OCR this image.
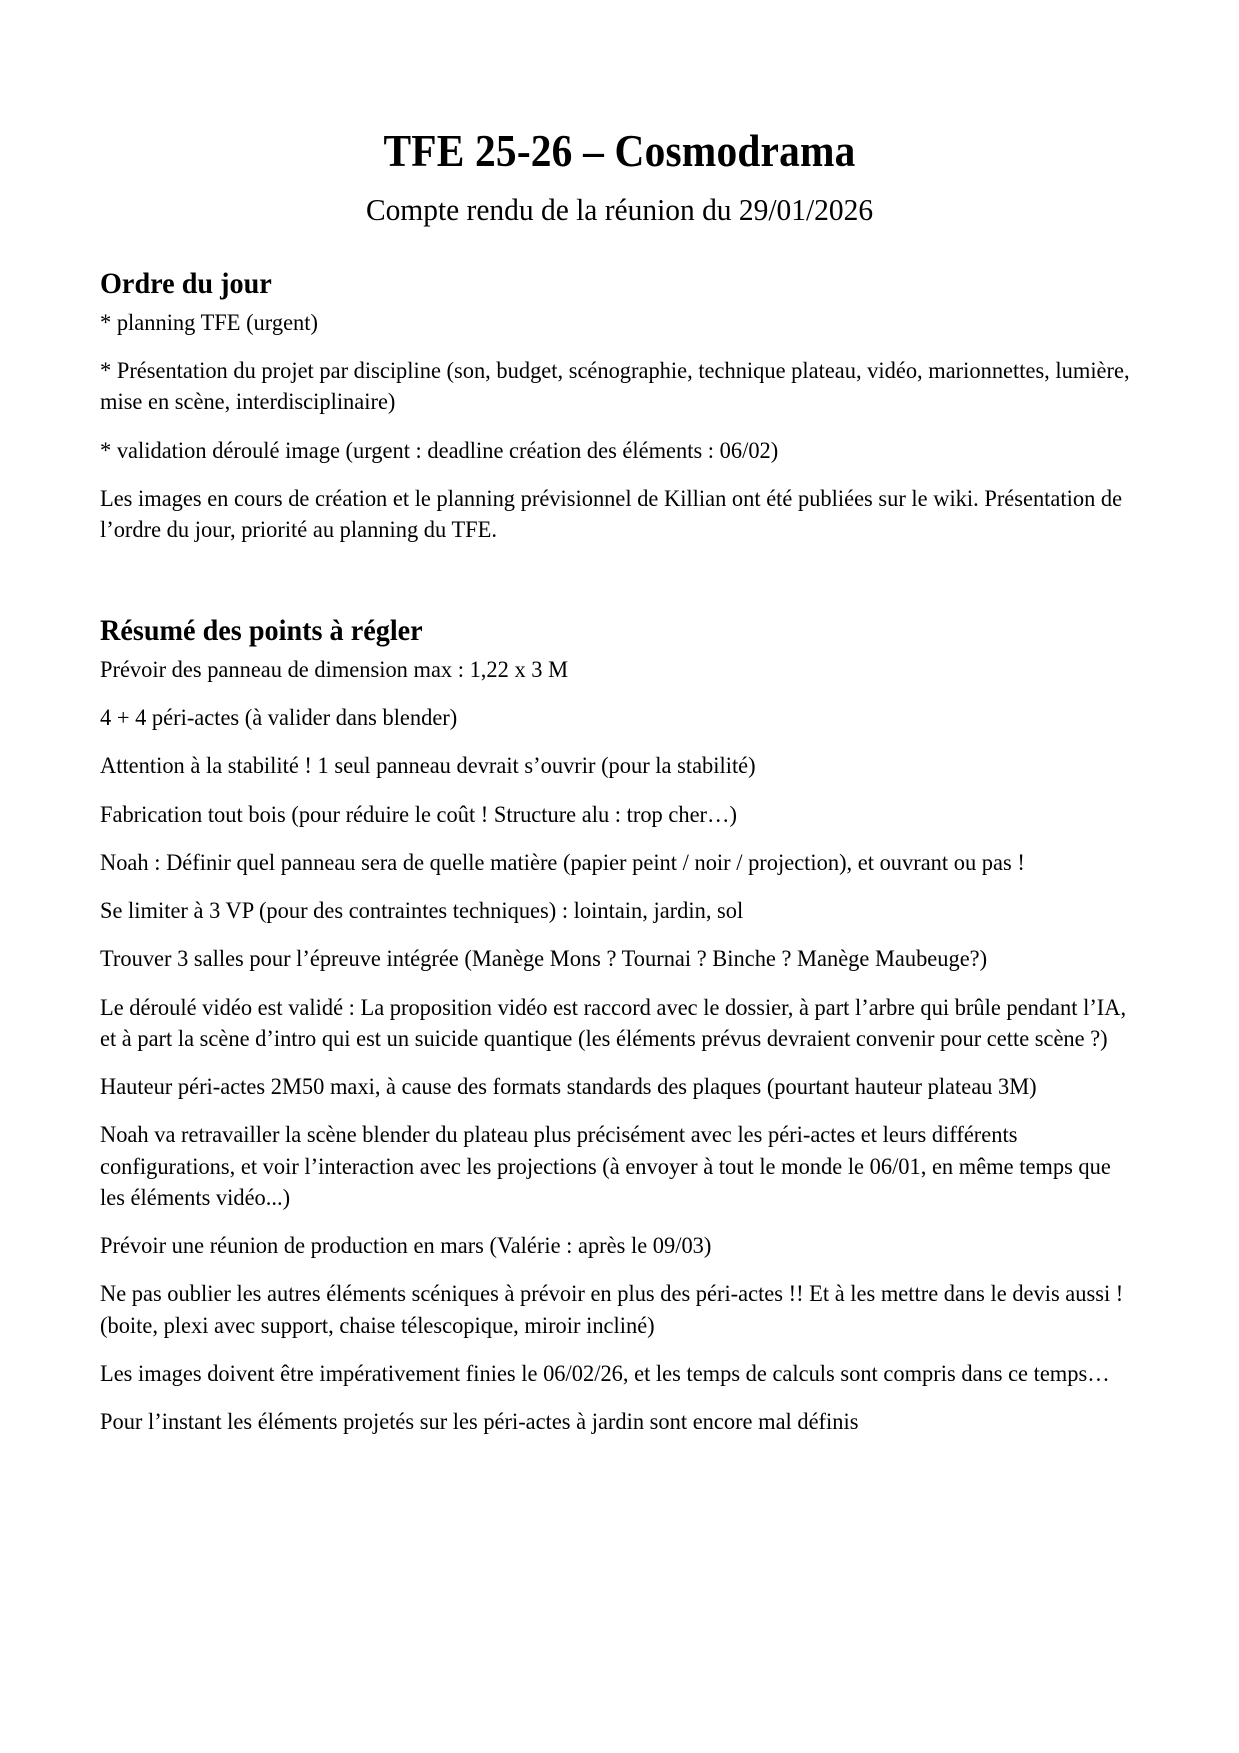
TFE 25-26 – Cosmodrama

Compte rendu de la réunion du 29/01/2026

Ordre du jour
* planning TFE (urgent)
* Présentation du projet par discipline (son, budget, scénographie, technique plateau, vidéo, marionnettes, lumière, mise en scène, interdisciplinaire)
* validation déroulé image (urgent : deadline création des éléments : 06/02)

Les images en cours de création et le planning prévisionnel de Killian ont été publiées sur le wiki. Présentation de l’ordre du jour, priorité au planning du TFE.

Résumé des points à régler
Prévoir des panneau de dimension max : 1,22 x 3 M
4 + 4 péri-actes (à valider dans blender)
Attention à la stabilité ! 1 seul panneau devrait s’ouvrir (pour la stabilité)
Fabrication tout bois (pour réduire le coût ! Structure alu : trop cher…)
Noah : Définir quel panneau sera de quelle matière (papier peint / noir / projection), et ouvrant ou pas !
Se limiter à 3 VP (pour des contraintes techniques) : lointain, jardin, sol
Trouver 3 salles pour l’épreuve intégrée (Manège Mons ? Tournai ? Binche ? Manège Maubeuge?)
Le déroulé vidéo est validé : La proposition vidéo est raccord avec le dossier, à part l’arbre qui brûle pendant l’IA, et à part la scène d’intro qui est un suicide quantique (les éléments prévus devraient convenir pour cette scène ?)
Hauteur péri-actes 2M50 maxi, à cause des formats standards des plaques (pourtant hauteur plateau 3M)
Noah va retravailler la scène blender du plateau plus précisément avec les péri-actes et leurs différents configurations, et voir l’interaction avec les projections (à envoyer à tout le monde le 06/01, en même temps que les éléments vidéo...)
Prévoir une réunion de production en mars (Valérie : après le 09/03)
Ne pas oublier les autres éléments scéniques à prévoir en plus des péri-actes !! Et à les mettre dans le devis aussi ! (boite, plexi avec support, chaise télescopique, miroir incliné)
Les images doivent être impérativement finies le 06/02/26, et les temps de calculs sont compris dans ce temps…
Pour l’instant les éléments projetés sur les péri-actes à jardin sont encore mal définis
